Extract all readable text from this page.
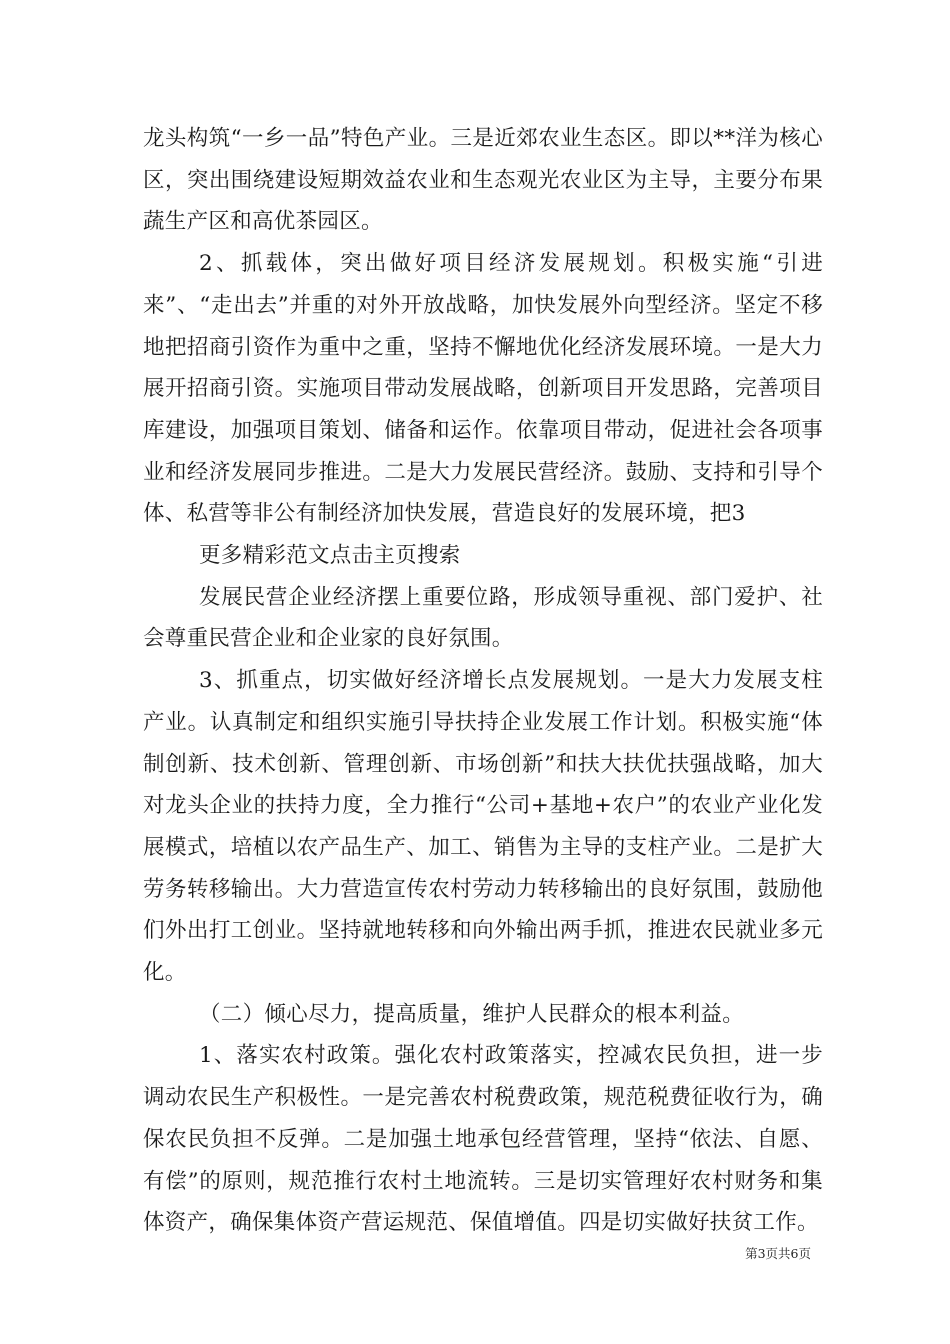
龙头构筑“一乡一品”特色产业。三是近郊农业生态区。即以**洋为核心区，突出围绕建设短期效益农业和生态观光农业区为主导，主要分布果蔬生产区和高优茶园区。

2、抓载体，突出做好项目经济发展规划。积极实施“引进来”、“走出去”并重的对外开放战略，加快发展外向型经济。坚定不移地把招商引资作为重中之重，坚持不懈地优化经济发展环境。一是大力展开招商引资。实施项目带动发展战略，创新项目开发思路，完善项目库建设，加强项目策划、储备和运作。依靠项目带动，促进社会各项事业和经济发展同步推进。二是大力发展民营经济。鼓励、支持和引导个体、私营等非公有制经济加快发展，营造良好的发展环境，把3

更多精彩范文点击主页搜索

发展民营企业经济摆上重要位路，形成领导重视、部门爱护、社会尊重民营企业和企业家的良好氛围。

3、抓重点，切实做好经济增长点发展规划。一是大力发展支柱产业。认真制定和组织实施引导扶持企业发展工作计划。积极实施“体制创新、技术创新、管理创新、市场创新”和扶大扶优扶强战略，加大对龙头企业的扶持力度，全力推行“公司+基地+农户”的农业产业化发展模式，培植以农产品生产、加工、销售为主导的支柱产业。二是扩大劳务转移输出。大力营造宣传农村劳动力转移输出的良好氛围，鼓励他们外出打工创业。坚持就地转移和向外输出两手抓，推进农民就业多元化。

（二）倾心尽力，提高质量，维护人民群众的根本利益。

1、落实农村政策。强化农村政策落实，控减农民负担，进一步调动农民生产积极性。一是完善农村税费政策，规范税费征收行为，确保农民负担不反弹。二是加强土地承包经营管理，坚持“依法、自愿、有偿”的原则，规范推行农村土地流转。三是切实管理好农村财务和集体资产，确保集体资产营运规范、保值增值。四是切实做好扶贫工作。

第3页共6页
